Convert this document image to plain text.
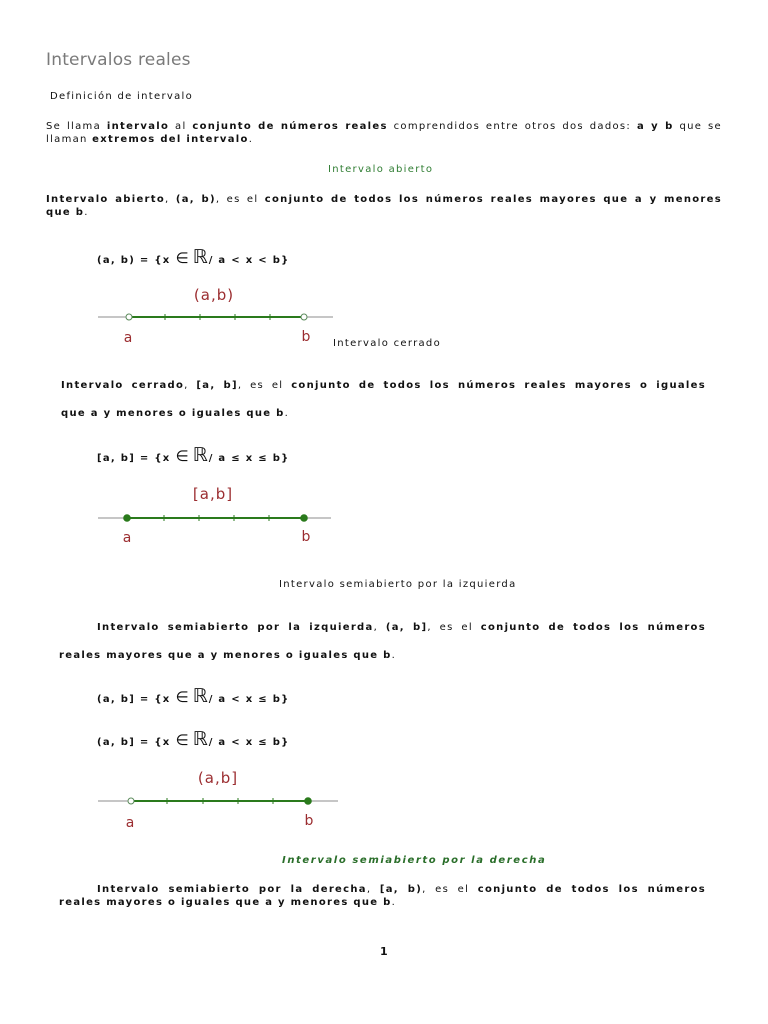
Intervalos reales
Definición de intervalo
Se llama intervalo al conjunto de números reales comprendidos entre otros dos dados: a y b que se
llaman extremos del intervalo.
Intervalo abierto
Intervalo abierto, (a, b), es el conjunto de todos los números reales mayores que a y menores
que b.
(a, b) = {x ∈ ℝ / a < x < b}
(a,b)
a	b Intervalo cerrado
Intervalo cerrado, [a, b], es el conjunto de todos los números reales mayores o iguales
que a y menores o iguales que b.
[a, b] = {x ∈ ℝ / a ≤ x ≤ b}
[a,b]
a	b
Intervalo semiabierto por la izquierda
Intervalo semiabierto por la izquierda, (a, b], es el conjunto de todos los números
reales mayores que a y menores o iguales que b.
(a, b] = {x ∈ ℝ / a < x ≤ b}
(a, b] = {x ∈ ℝ / a < x ≤ b}
(a,b]
a	b
Intervalo semiabierto por la derecha
Intervalo semiabierto por la derecha, [a, b), es el conjunto de todos los números
reales mayores o iguales que a y menores que b.
1
